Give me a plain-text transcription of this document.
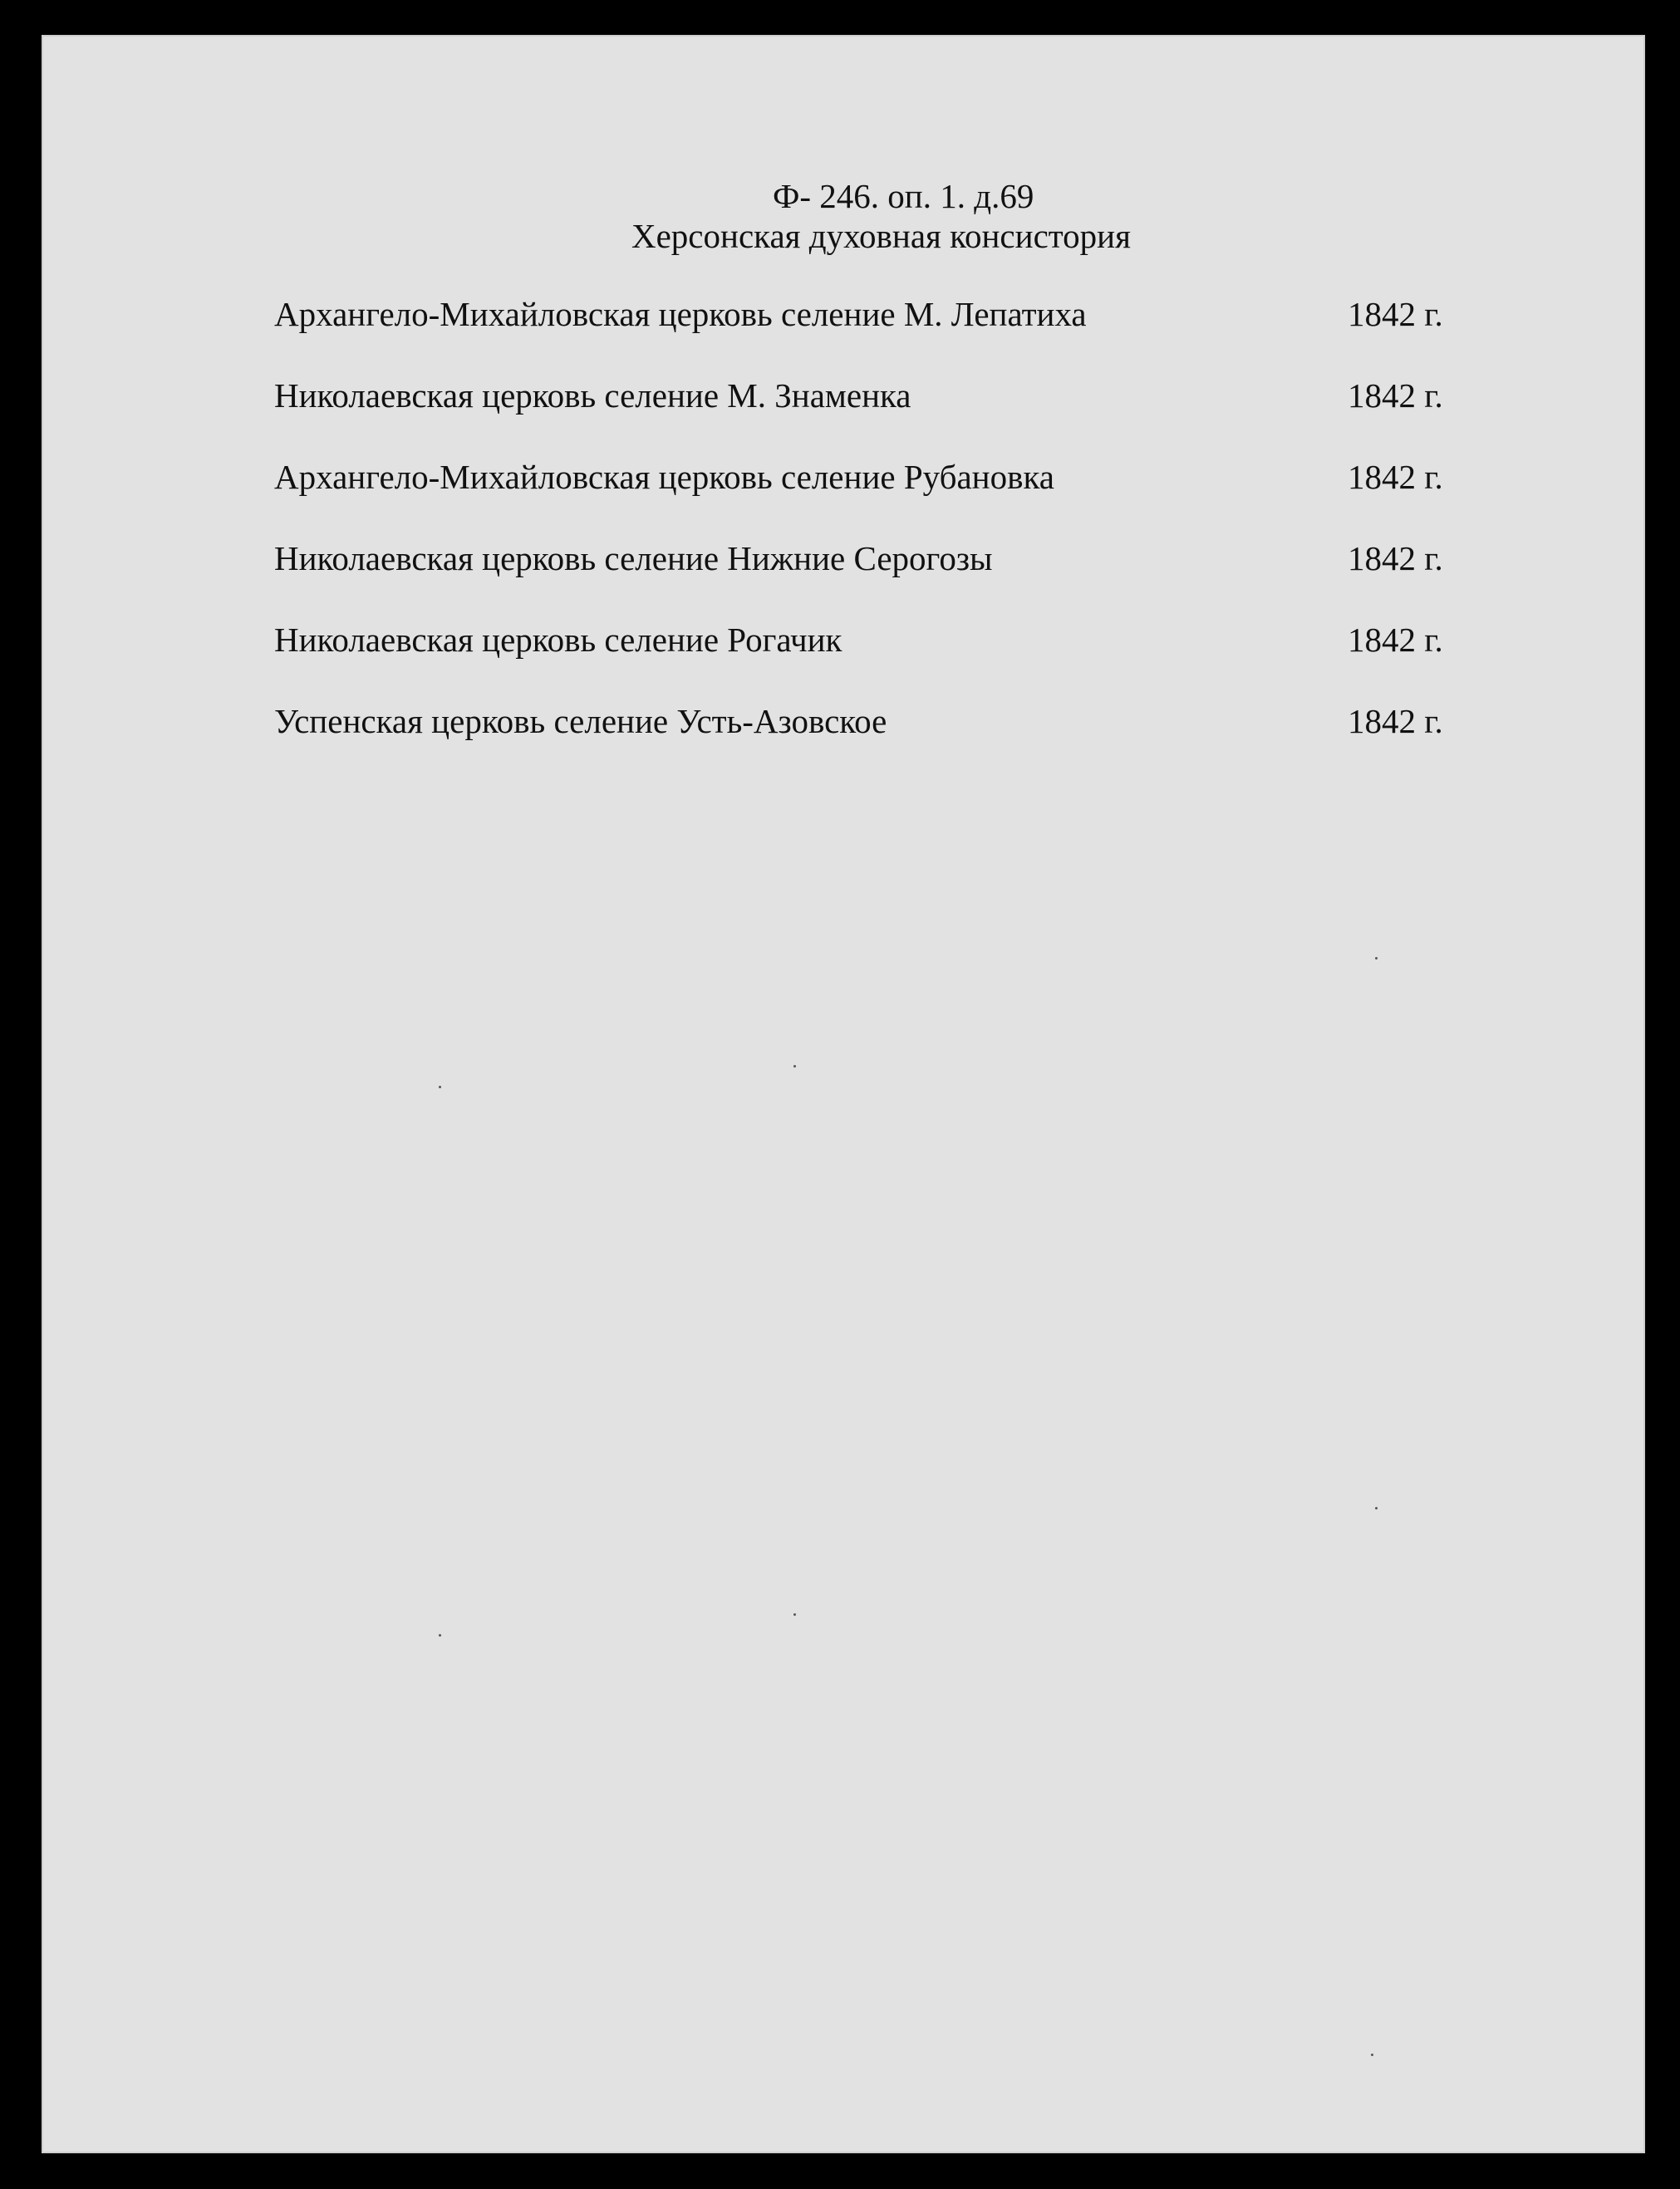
Ф- 246. оп. 1. д.69
Херсонская духовная консистория
Архангело-Михайловская церковь селение М. Лепатиха	1842 г.
Николаевская церковь селение М. Знаменка	1842 г.
Архангело-Михайловская церковь селение Рубановка	1842 г.
Николаевская церковь селение Нижние Серогозы	1842 г.
Николаевская церковь селение Рогачик	1842 г.
Успенская церковь селение Усть-Азовское	1842 г.
